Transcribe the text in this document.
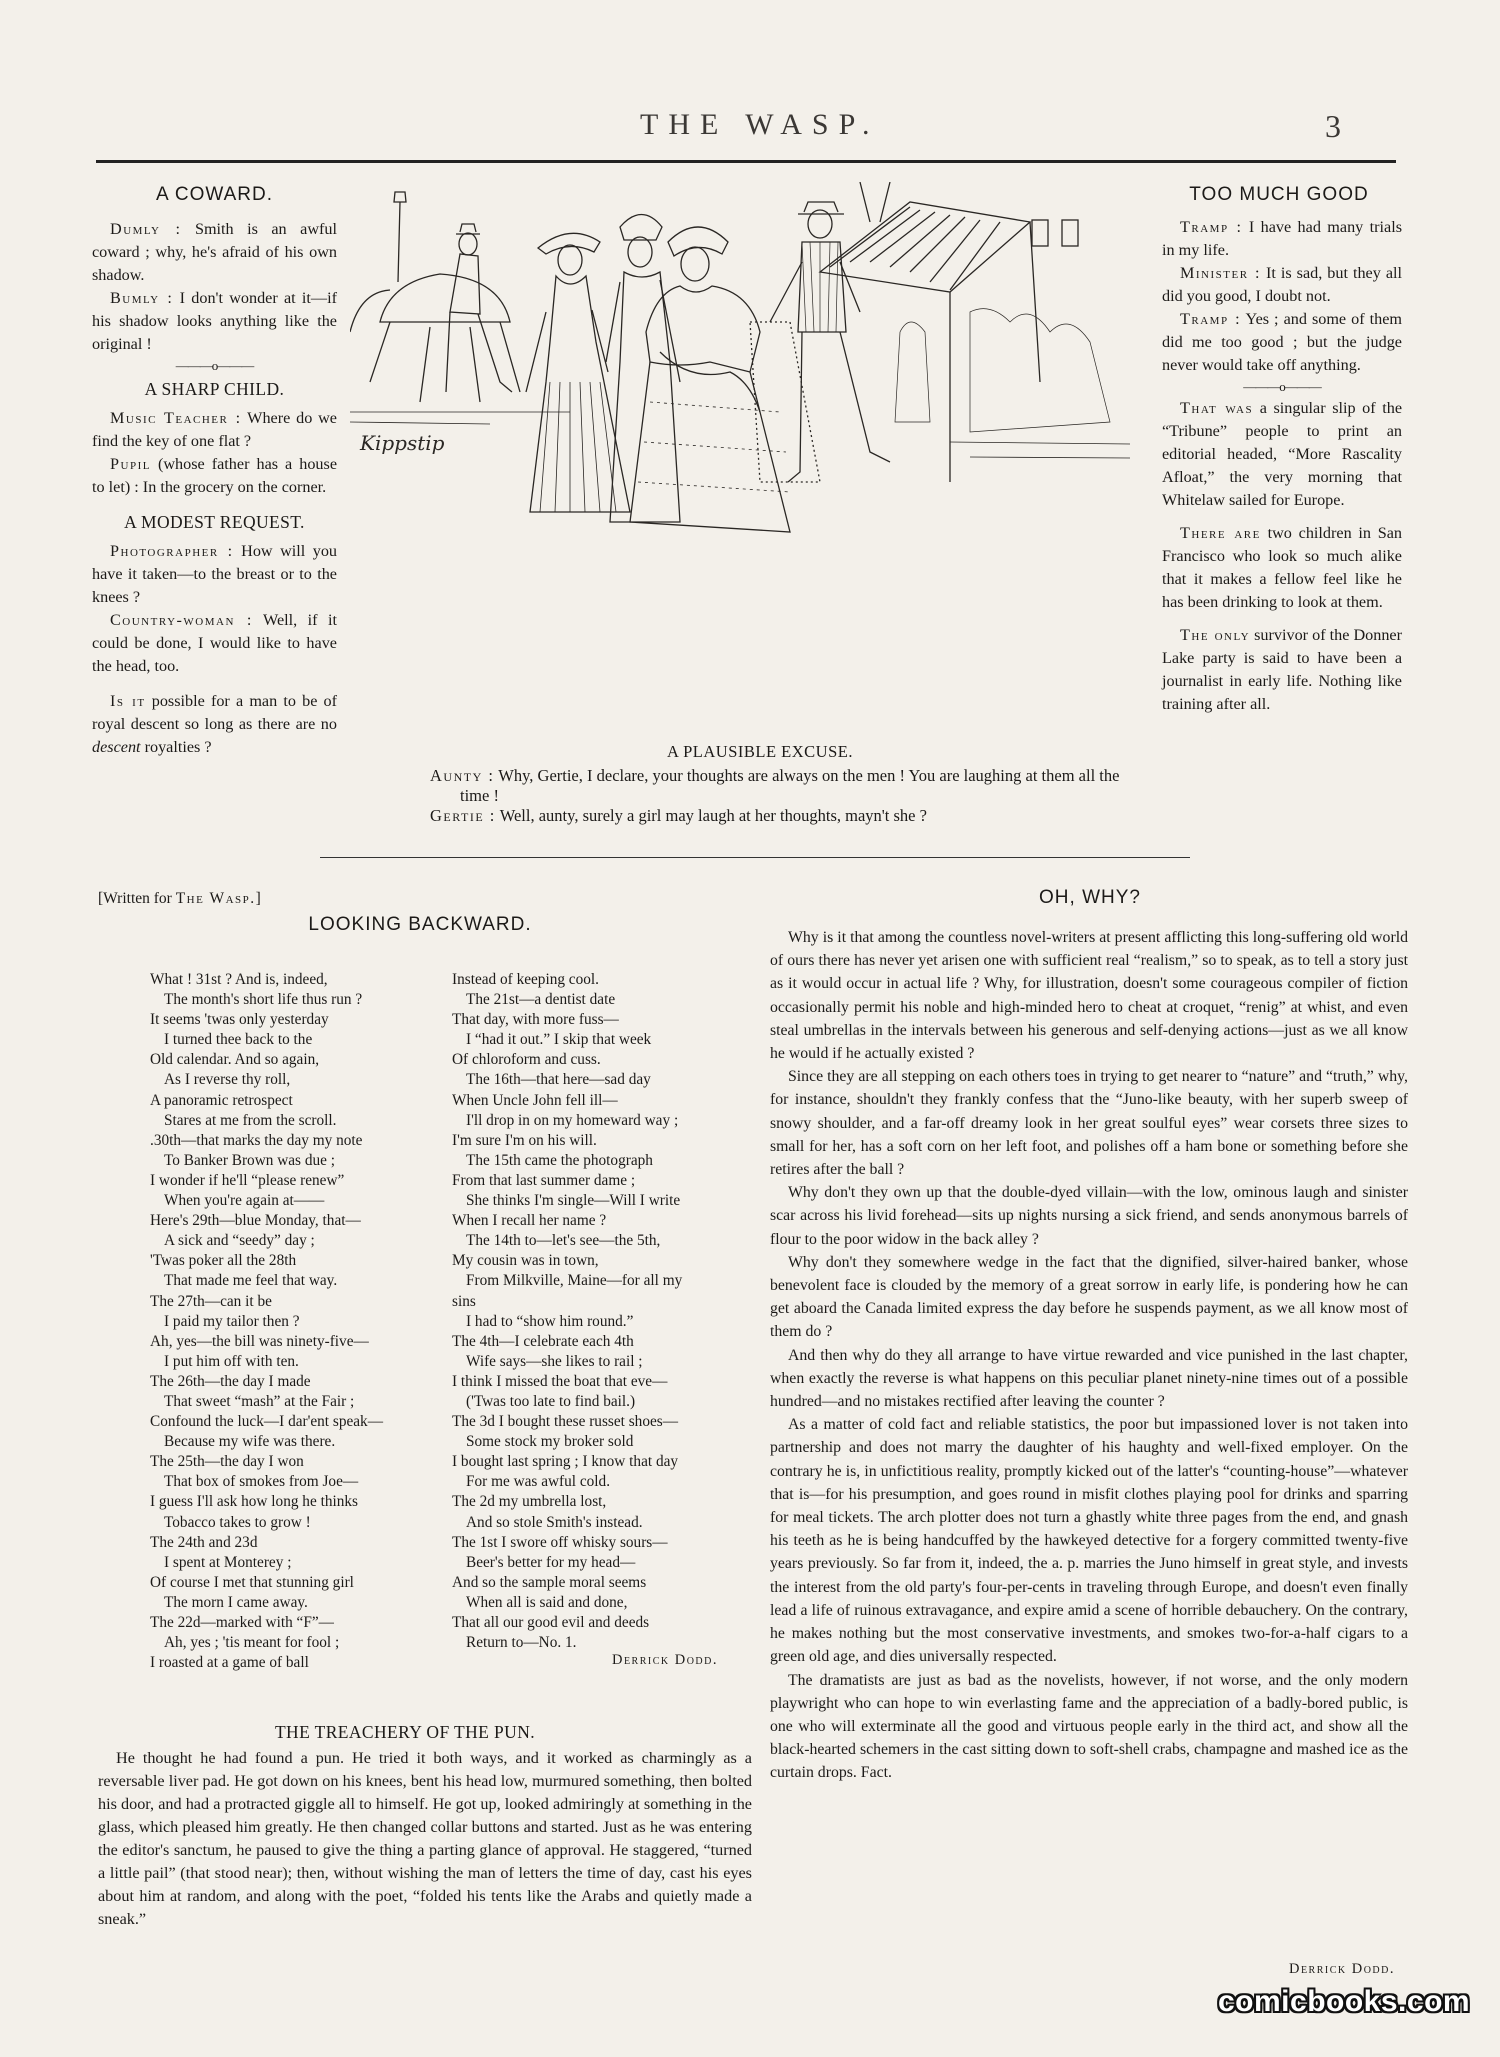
THE WASP.	3
A COWARD.

Dumly : Smith is an awful coward ; why, he's afraid of his own shadow.

Bumly : I don't wonder at it—if his shadow looks anything like the original !

———o———
A SHARP CHILD.

Music Teacher : Where do we find the key of one flat ?

Pupil (whose father has a house to let) : In the grocery on the corner.

A MODEST REQUEST.

Photographer : How will you have it taken—to the breast or to the knees ?

Country-woman : Well, if it could be done, I would like to have the head, too.

Is it possible for a man to be of royal descent so long as there are no descent royalties ?

Kippstip
A PLAUSIBLE EXCUSE.
Aunty : Why, Gertie, I declare, your thoughts are always on the men ! You are laughing at them all the time !
Gertie : Well, aunty, surely a girl may laugh at her thoughts, mayn't she ?
TOO MUCH GOOD

Tramp : I have had many trials in my life.

Minister : It is sad, but they all did you good, I doubt not.

Tramp : Yes ; and some of them did me too good ; but the judge never would take off anything.

———o———

That was a singular slip of the “Tribune” people to print an editorial headed, “More Rascality Afloat,” the very morning that Whitelaw sailed for Europe.

There are two children in San Francisco who look so much alike that it makes a fellow feel like he has been drinking to look at them.

The only survivor of the Donner Lake party is said to have been a journalist in early life. Nothing like training after all.

[Written for The Wasp.]
LOOKING BACKWARD.
What ! 31st ? And is, indeed,
The month's short life thus run ?
It seems 'twas only yesterday
I turned thee back to the
Old calendar. And so again,
As I reverse thy roll,
A panoramic retrospect
Stares at me from the scroll.
.30th—that marks the day my note
To Banker Brown was due ;
I wonder if he'll “please renew”
When you're again at——
Here's 29th—blue Monday, that—
A sick and “seedy” day ;
'Twas poker all the 28th
That made me feel that way.
The 27th—can it be
I paid my tailor then ?
Ah, yes—the bill was ninety-five—
I put him off with ten.
The 26th—the day I made
That sweet “mash” at the Fair ;
Confound the luck—I dar'ent speak—
Because my wife was there.
The 25th—the day I won
That box of smokes from Joe—
I guess I'll ask how long he thinks
Tobacco takes to grow !
The 24th and 23d
I spent at Monterey ;
Of course I met that stunning girl
The morn I came away.
The 22d—marked with “F”—
Ah, yes ; 'tis meant for fool ;
I roasted at a game of ball
Instead of keeping cool.
The 21st—a dentist date
That day, with more fuss—
I “had it out.” I skip that week
Of chloroform and cuss.
The 16th—that here—sad day
When Uncle John fell ill—
I'll drop in on my homeward way ;
I'm sure I'm on his will.
The 15th came the photograph
From that last summer dame ;
She thinks I'm single—Will I write
When I recall her name ?
The 14th to—let's see—the 5th,
My cousin was in town,
From Milkville, Maine—for all my
sins
I had to “show him round.”
The 4th—I celebrate each 4th
Wife says—she likes to rail ;
I think I missed the boat that eve—
('Twas too late to find bail.)
The 3d I bought these russet shoes—
Some stock my broker sold
I bought last spring ; I know that day
For me was awful cold.
The 2d my umbrella lost,
And so stole Smith's instead.
The 1st I swore off whisky sours—
Beer's better for my head—
And so the sample moral seems
When all is said and done,
That all our good evil and deeds
Return to—No. 1.
Derrick Dodd.
THE TREACHERY OF THE PUN.

He thought he had found a pun. He tried it both ways, and it worked as charmingly as a reversable liver pad. He got down on his knees, bent his head low, murmured something, then bolted his door, and had a protracted giggle all to himself. He got up, looked admiringly at something in the glass, which pleased him greatly. He then changed collar buttons and started. Just as he was entering the editor's sanctum, he paused to give the thing a parting glance of approval. He staggered, “turned a little pail” (that stood near); then, without wishing the man of letters the time of day, cast his eyes about him at random, and along with the poet, “folded his tents like the Arabs and quietly made a sneak.”

OH, WHY?

Why is it that among the countless novel-writers at present afflicting this long-suffering old world of ours there has never yet arisen one with sufficient real “realism,” so to speak, as to tell a story just as it would occur in actual life ? Why, for illustration, doesn't some courageous compiler of fiction occasionally permit his noble and high-minded hero to cheat at croquet, “renig” at whist, and even steal umbrellas in the intervals between his generous and self-denying actions—just as we all know he would if he actually existed ?

Since they are all stepping on each others toes in trying to get nearer to “nature” and “truth,” why, for instance, shouldn't they frankly confess that the “Juno-like beauty, with her superb sweep of snowy shoulder, and a far-off dreamy look in her great soulful eyes” wear corsets three sizes to small for her, has a soft corn on her left foot, and polishes off a ham bone or something before she retires after the ball ?

Why don't they own up that the double-dyed villain—with the low, ominous laugh and sinister scar across his livid forehead—sits up nights nursing a sick friend, and sends anonymous barrels of flour to the poor widow in the back alley ?

Why don't they somewhere wedge in the fact that the dignified, silver-haired banker, whose benevolent face is clouded by the memory of a great sorrow in early life, is pondering how he can get aboard the Canada limited express the day before he suspends payment, as we all know most of them do ?

And then why do they all arrange to have virtue rewarded and vice punished in the last chapter, when exactly the reverse is what happens on this peculiar planet ninety-nine times out of a possible hundred—and no mistakes rectified after leaving the counter ?

As a matter of cold fact and reliable statistics, the poor but impassioned lover is not taken into partnership and does not marry the daughter of his haughty and well-fixed employer. On the contrary he is, in unfictitious reality, promptly kicked out of the latter's “counting-house”—whatever that is—for his presumption, and goes round in misfit clothes playing pool for drinks and sparring for meal tickets. The arch plotter does not turn a ghastly white three pages from the end, and gnash his teeth as he is being handcuffed by the hawkeyed detective for a forgery committed twenty-five years previously. So far from it, indeed, the a. p. marries the Juno himself in great style, and invests the interest from the old party's four-per-cents in traveling through Europe, and doesn't even finally lead a life of ruinous extravagance, and expire amid a scene of horrible debauchery. On the contrary, he makes nothing but the most conservative investments, and smokes two-for-a-half cigars to a green old age, and dies universally respected.

The dramatists are just as bad as the novelists, however, if not worse, and the only modern playwright who can hope to win everlasting fame and the appreciation of a badly-bored public, is one who will exterminate all the good and virtuous people early in the third act, and show all the black-hearted schemers in the cast sitting down to soft-shell crabs, champagne and mashed ice as the curtain drops. Fact.

Derrick Dodd.
comicbooks.com
